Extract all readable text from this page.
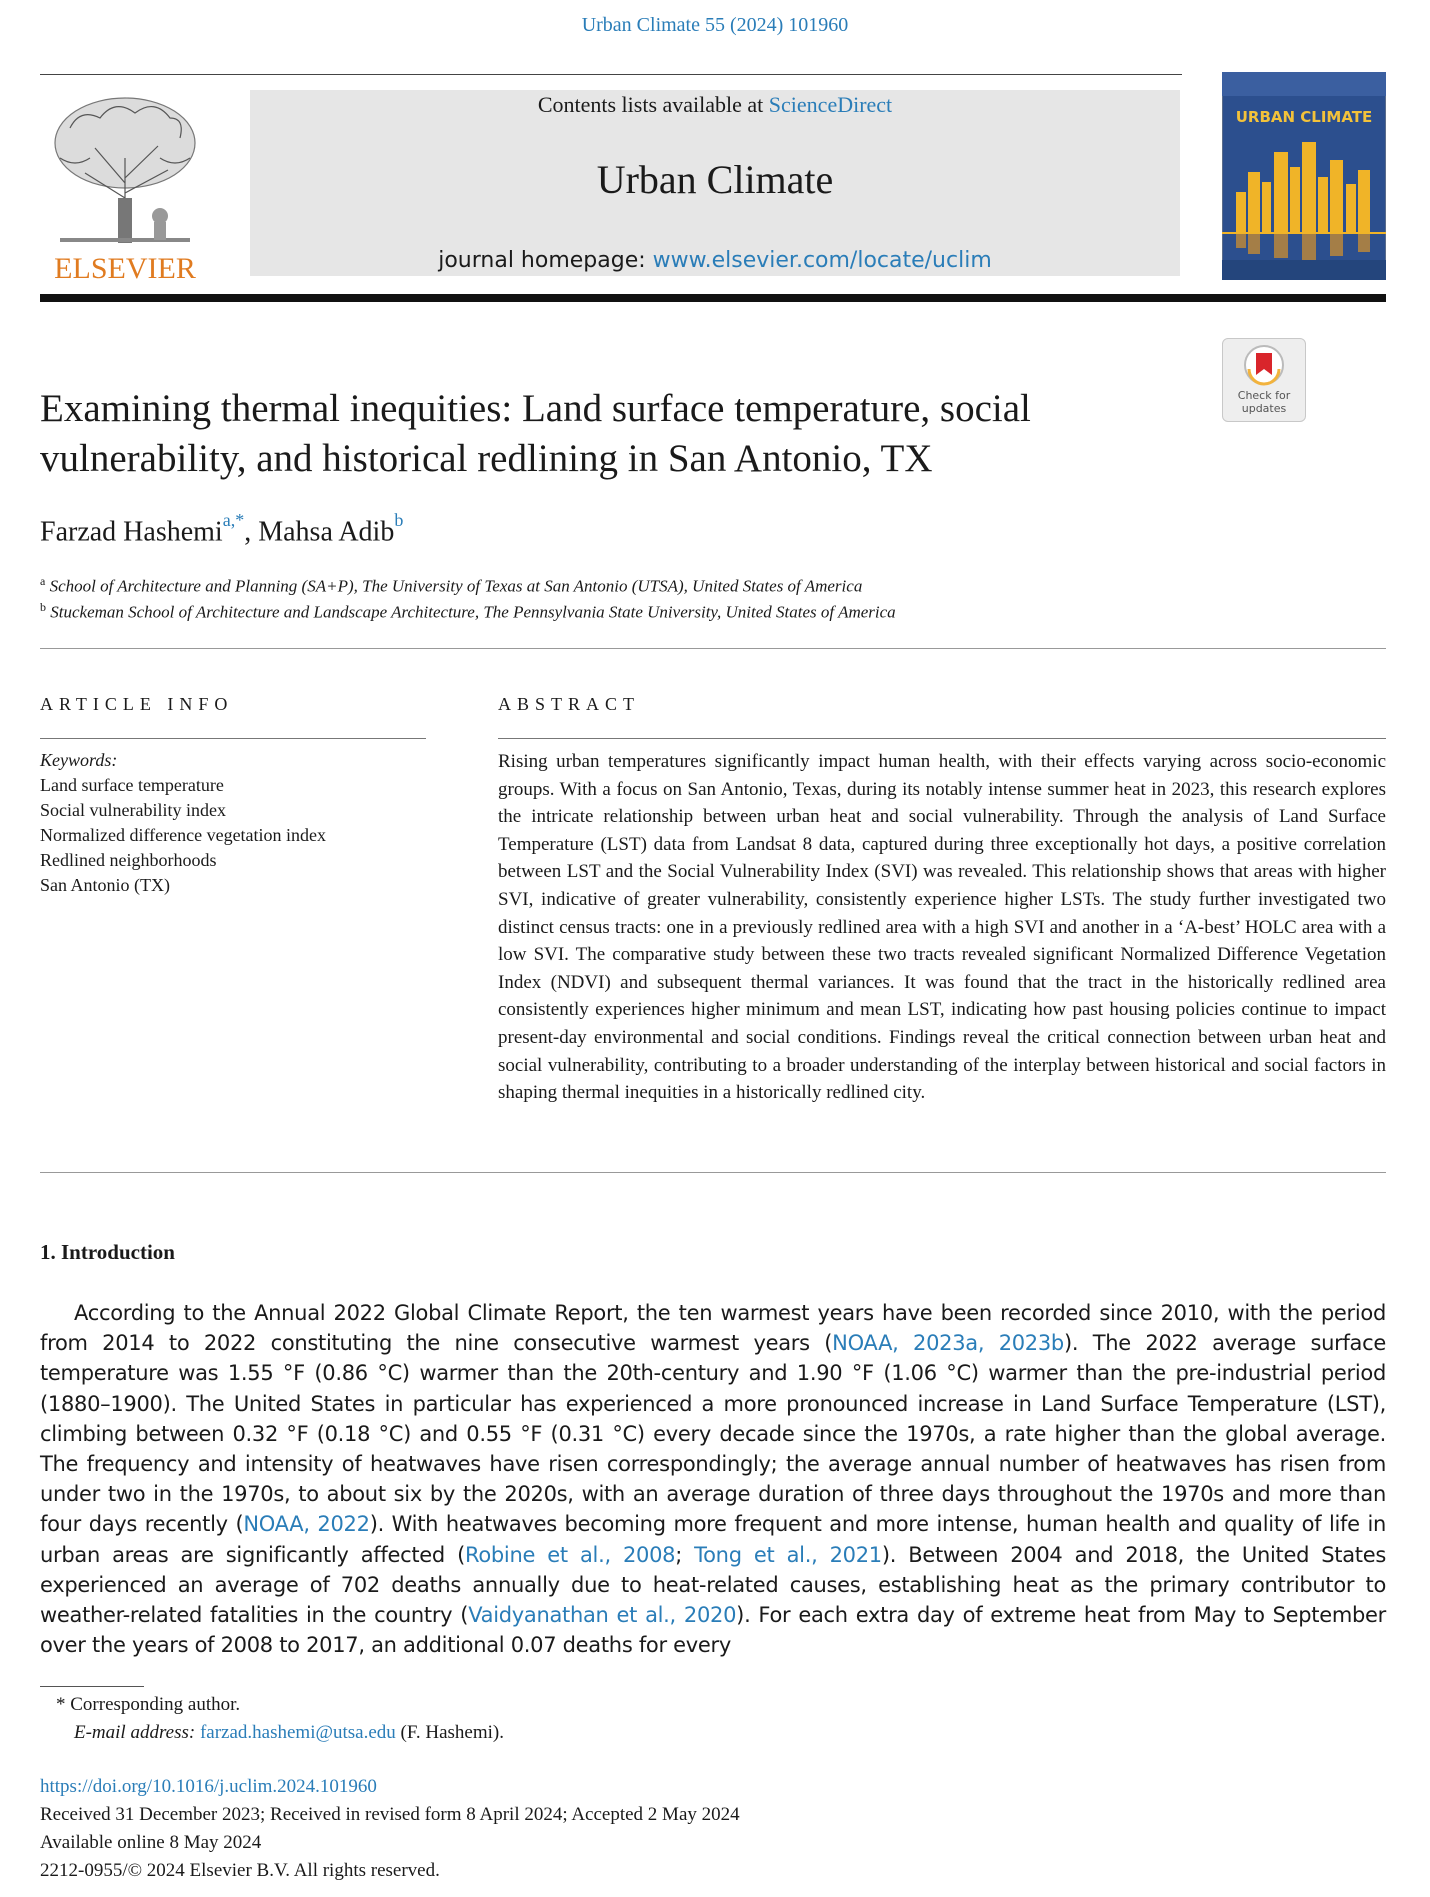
Urban Climate 55 (2024) 101960
ELSEVIER
Contents lists available at ScienceDirect
Urban Climate
journal homepage: www.elsevier.com/locate/uclim
URBAN CLIMATE
Check for
updates
Examining thermal inequities: Land surface temperature, social vulnerability, and historical redlining in San Antonio, TX
Farzad Hashemi$^{a,*}$, Mahsa Adib$^b$
$^a$ School of Architecture and Planning (SA+P), The University of Texas at San Antonio (UTSA), United States of America
$^b$ Stuckeman School of Architecture and Landscape Architecture, The Pennsylvania State University, United States of America
ARTICLE INFO	ABSTRACT
Keywords:
Land surface temperature
Social vulnerability index
Normalized difference vegetation index
Redlined neighborhoods
San Antonio (TX)
Rising urban temperatures significantly impact human health, with their effects varying across socio-economic groups. With a focus on San Antonio, Texas, during its notably intense summer heat in 2023, this research explores the intricate relationship between urban heat and social vulnerability. Through the analysis of Land Surface Temperature (LST) data from Landsat 8 data, captured during three exceptionally hot days, a positive correlation between LST and the Social Vulnerability Index (SVI) was revealed. This relationship shows that areas with higher SVI, indicative of greater vulnerability, consistently experience higher LSTs. The study further investigated two distinct census tracts: one in a previously redlined area with a high SVI and another in a ‘A-best’ HOLC area with a low SVI. The comparative study between these two tracts revealed significant Normalized Difference Vegetation Index (NDVI) and subsequent thermal variances. It was found that the tract in the historically redlined area consistently experiences higher minimum and mean LST, indicating how past housing policies continue to impact present-day environmental and social conditions. Findings reveal the critical connection between urban heat and social vulnerability, contributing to a broader understanding of the interplay between historical and social factors in shaping thermal inequities in a historically redlined city.
1. Introduction

According to the Annual 2022 Global Climate Report, the ten warmest years have been recorded since 2010, with the period from 2014 to 2022 constituting the nine consecutive warmest years (NOAA, 2023a, 2023b). The 2022 average surface temperature was 1.55 °F (0.86 °C) warmer than the 20th-century and 1.90 °F (1.06 °C) warmer than the pre-industrial period (1880–1900). The United States in particular has experienced a more pronounced increase in Land Surface Temperature (LST), climbing between 0.32 °F (0.18 °C) and 0.55 °F (0.31 °C) every decade since the 1970s, a rate higher than the global average. The frequency and intensity of heatwaves have risen correspondingly; the average annual number of heatwaves has risen from under two in the 1970s, to about six by the 2020s, with an average duration of three days throughout the 1970s and more than four days recently (NOAA, 2022). With heatwaves becoming more frequent and more intense, human health and quality of life in urban areas are significantly affected (Robine et al., 2008; Tong et al., 2021). Between 2004 and 2018, the United States experienced an average of 702 deaths annually due to heat-related causes, establishing heat as the primary contributor to weather-related fatalities in the country (Vaidyanathan et al., 2020). For each extra day of extreme heat from May to September over the years of 2008 to 2017, an additional 0.07 deaths for every

* Corresponding author.
E-mail address: farzad.hashemi@utsa.edu (F. Hashemi).
https://doi.org/10.1016/j.uclim.2024.101960
Received 31 December 2023; Received in revised form 8 April 2024; Accepted 2 May 2024
Available online 8 May 2024
2212-0955/© 2024 Elsevier B.V. All rights reserved.
